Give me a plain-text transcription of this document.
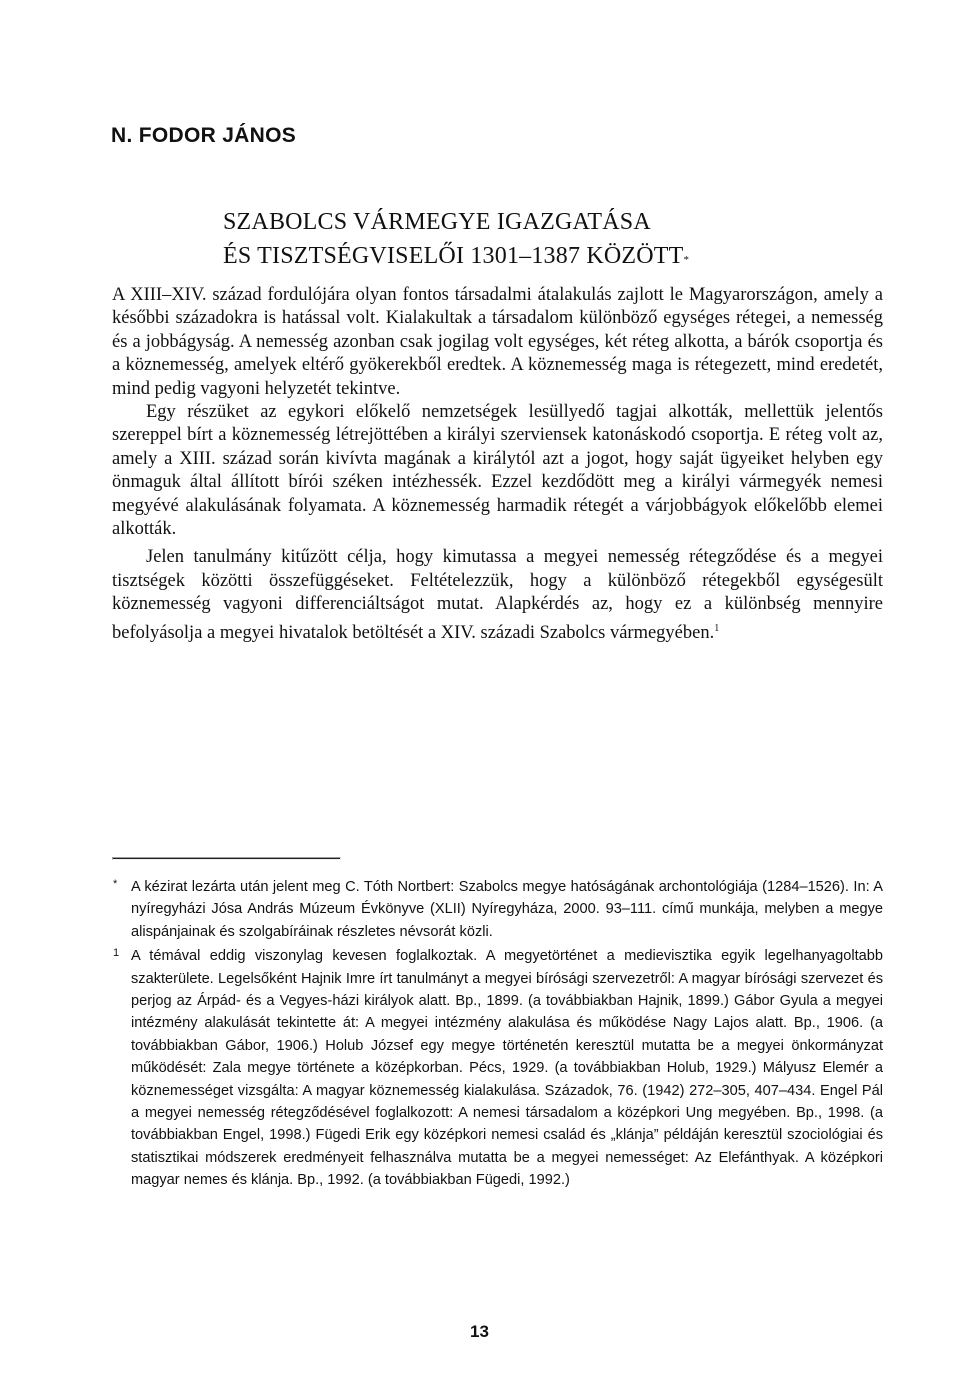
N. FODOR JÁNOS
SZABOLCS VÁRMEGYE IGAZGATÁSA
ÉS TISZTSÉGVISELŐI 1301–1387 KÖZÖTT*

A XIII–XIV. század fordulójára olyan fontos társadalmi átalakulás zajlott le Magyarországon, amely a későbbi századokra is hatással volt. Kialakultak a társadalom különböző egységes rétegei, a nemesség és a jobbágyság. A nemesség azonban csak jogilag volt egységes, két réteg alkotta, a bárók csoportja és a köznemesség, amelyek eltérő gyökerekből eredtek. A köznemesség maga is rétegezett, mind eredetét, mind pedig vagyoni helyzetét tekintve.

Egy részüket az egykori előkelő nemzetségek lesüllyedő tagjai alkották, mellettük jelentős szereppel bírt a köznemesség létrejöttében a királyi szerviensek katonáskodó csoportja. E réteg volt az, amely a XIII. század során kivívta magának a királytól azt a jogot, hogy saját ügyeiket helyben egy önmaguk által állított bírói széken intézhessék. Ezzel kezdődött meg a királyi vármegyék nemesi megyévé alakulásának folyamata. A köznemesség harmadik rétegét a várjobbágyok előkelőbb elemei alkották.

Jelen tanulmány kitűzött célja, hogy kimutassa a megyei nemesség rétegződése és a megyei tisztségek közötti összefüggéseket. Feltételezzük, hogy a különböző rétegekből egységesült köznemesség vagyoni differenciáltságot mutat. Alapkérdés az, hogy ez a különbség mennyire befolyásolja a megyei hivatalok betöltését a XIV. századi Szabolcs vármegyében.$^1$

* A kézirat lezárta után jelent meg C. Tóth Nortbert: Szabolcs megye hatóságának archontológiája (1284–1526). In: A nyíregyházi Jósa András Múzeum Évkönyve (XLII) Nyíregyháza, 2000. 93–111. című munkája, melyben a megye alispánjainak és szolgabíráinak részletes névsorát közli.

1 A témával eddig viszonylag kevesen foglalkoztak. A megyetörténet a medievisztika egyik legelhanyagoltabb szakterülete. Legelsőként Hajnik Imre írt tanulmányt a megyei bírósági szervezetről: A magyar bírósági szervezet és perjog az Árpád- és a Vegyes-házi királyok alatt. Bp., 1899. (a továbbiakban Hajnik, 1899.) Gábor Gyula a megyei intézmény alakulását tekintette át: A megyei intézmény alakulása és működése Nagy Lajos alatt. Bp., 1906. (a továbbiakban Gábor, 1906.) Holub József egy megye történetén keresztül mutatta be a megyei önkormányzat működését: Zala megye története a középkorban. Pécs, 1929. (a továbbiakban Holub, 1929.) Mályusz Elemér a köznemességet vizsgálta: A magyar köznemesség kialakulása. Századok, 76. (1942) 272–305, 407–434. Engel Pál a megyei nemesség rétegződésével foglalkozott: A nemesi társadalom a középkori Ung megyében. Bp., 1998. (a továbbiakban Engel, 1998.) Fügedi Erik egy középkori nemesi család és „klánja” példáján keresztül szociológiai és statisztikai módszerek eredményeit felhasználva mutatta be a megyei nemességet: Az Elefánthyak. A középkori magyar nemes és klánja. Bp., 1992. (a továbbiakban Fügedi, 1992.)

13
